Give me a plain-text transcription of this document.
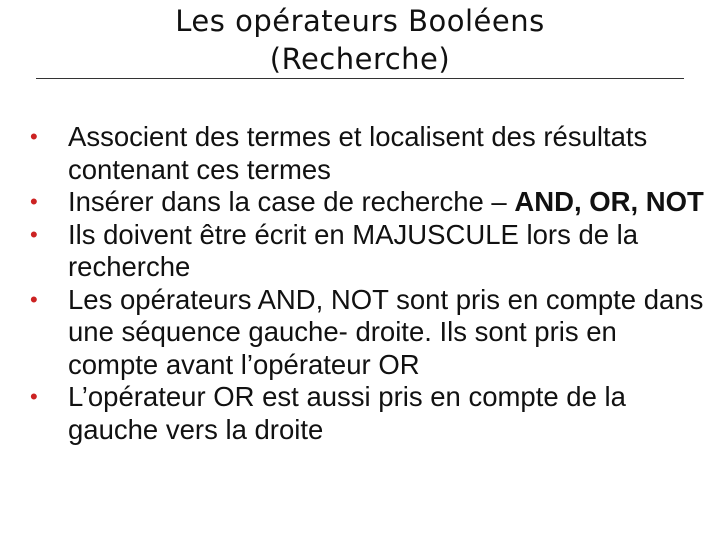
Les opérateurs Booléens
(Recherche)
• Associent des termes et localisent des résultats contenant ces termes
• Insérer dans la case de recherche – AND, OR, NOT
• Ils doivent être écrit en MAJUSCULE lors de la recherche
• Les opérateurs AND, NOT sont pris en compte dans une séquence gauche- droite. Ils sont pris en compte avant l’opérateur OR
• L’opérateur OR est aussi pris en compte de la gauche vers la droite
